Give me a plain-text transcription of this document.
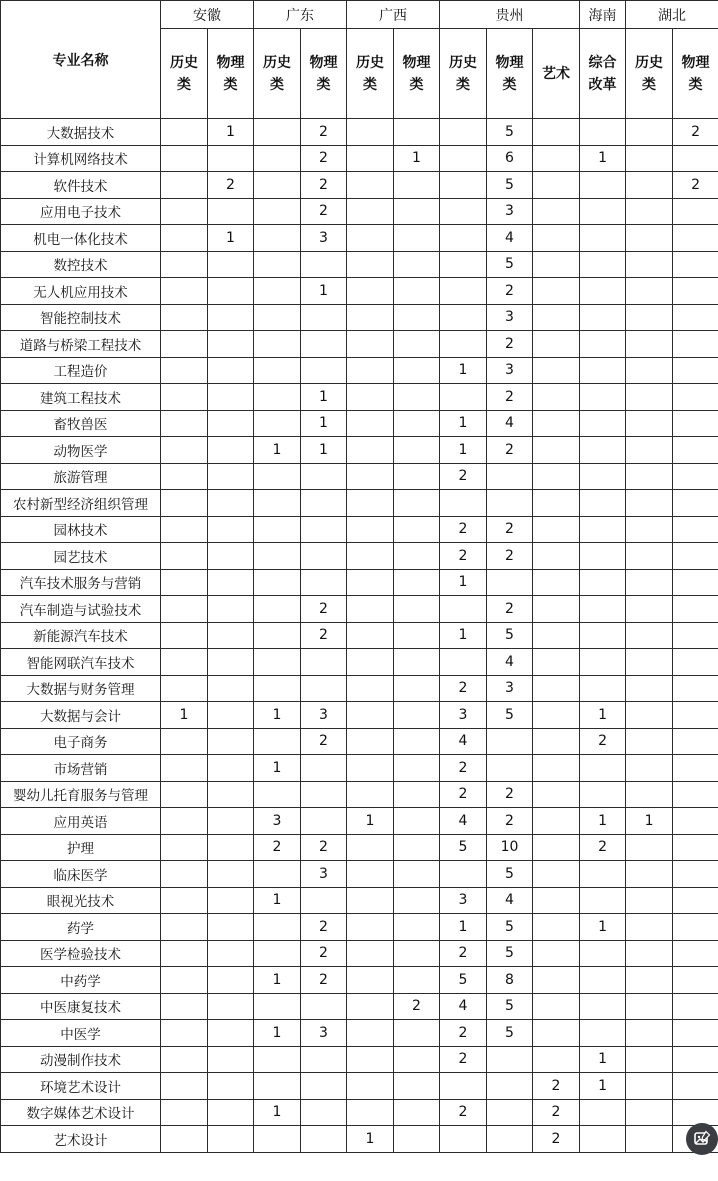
专业名称	安徽		广东		广西		贵州			海南	湖北	
	历史类	物理类	历史类	物理类	历史类	物理类	历史类	物理类	艺术	综合改革	历史类	物理类
大数据技术		1		2				5				2
计算机网络技术				2		1		6		1		
软件技术		2		2				5				2
应用电子技术				2				3				
机电一体化技术		1		3				4				
数控技术								5				
无人机应用技术				1				2				
智能控制技术								3				
道路与桥梁工程技术								2				
工程造价							1	3				
建筑工程技术				1				2				
畜牧兽医				1			1	4				
动物医学			1	1			1	2				
旅游管理							2					
农村新型经济组织管理												
园林技术							2	2				
园艺技术							2	2				
汽车技术服务与营销							1					
汽车制造与试验技术				2				2				
新能源汽车技术				2			1	5				
智能网联汽车技术								4				
大数据与财务管理							2	3				
大数据与会计	1		1	3			3	5		1		
电子商务				2			4			2		
市场营销			1				2					
婴幼儿托育服务与管理							2	2				
应用英语			3		1		4	2		1	1	
护理			2	2			5	10		2		
临床医学				3				5				
眼视光技术			1				3	4				
药学				2			1	5		1		
医学检验技术				2			2	5				
中药学			1	2			5	8				
中医康复技术						2	4	5				
中医学			1	3			2	5				
动漫制作技术							2			1		
环境艺术设计									2	1		
数字媒体艺术设计			1				2		2			
艺术设计					1				2			
